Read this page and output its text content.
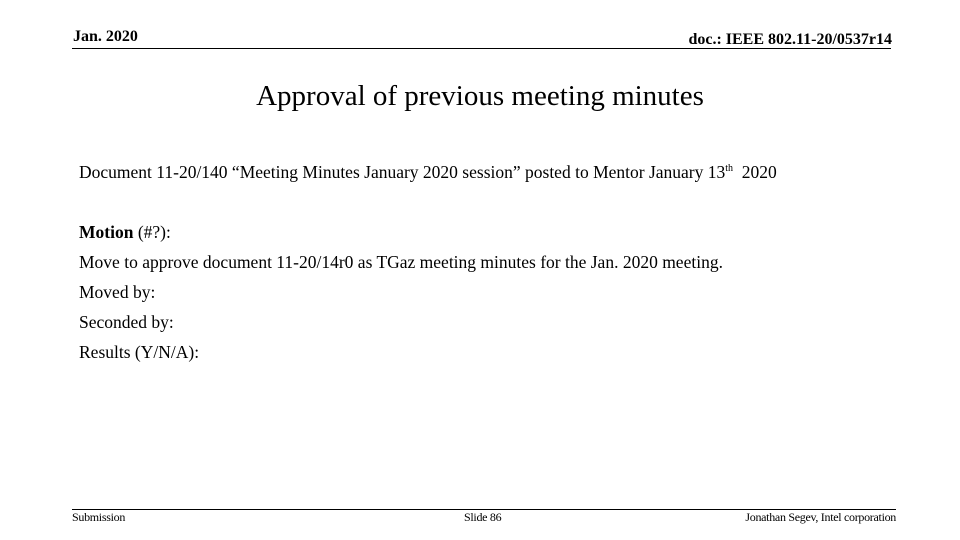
Jan. 2020	doc.: IEEE 802.11-20/0537r14
Approval of previous meeting minutes
Document 11-20/140 “Meeting Minutes January 2020 session” posted to Mentor January 13th  2020
Motion (#?):
Move to approve document 11-20/14r0 as TGaz meeting minutes for the Jan. 2020 meeting.
Moved by:
Seconded by:
Results (Y/N/A):
Submission	Slide 86	Jonathan Segev, Intel corporation
